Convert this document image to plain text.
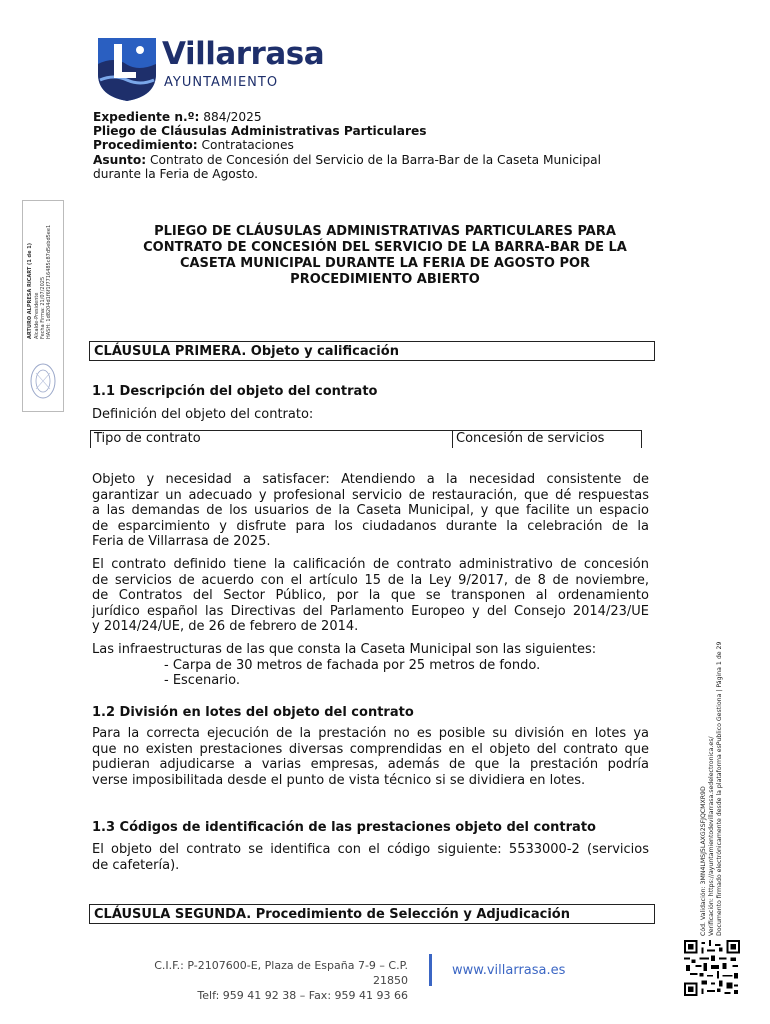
Villarrasa
AYUNTAMIENTO
Expediente n.º: 884/2025
Pliego de Cláusulas Administrativas Particulares
Procedimiento: Contrataciones
Asunto: Contrato de Concesión del Servicio de la Barra-Bar de la Caseta Municipal
durante la Feria de Agosto.
PLIEGO DE CLÁUSULAS ADMINISTRATIVAS PARTICULARES PARA
CONTRATO DE CONCESIÓN DEL SERVICIO DE LA BARRA-BAR DE LA
CASETA MUNICIPAL DURANTE LA FERIA DE AGOSTO POR
PROCEDIMIENTO ABIERTO
CLÁUSULA PRIMERA. Objeto y calificación
1.1 Descripción del objeto del contrato
Definición del objeto del contrato:
Tipo de contrato	Concesión de servicios
Objeto y necesidad a satisfacer: Atendiendo a la necesidad consistente de
garantizar un adecuado y profesional servicio de restauración, que dé respuestas
a las demandas de los usuarios de la Caseta Municipal, y que facilite un espacio
de esparcimiento y disfrute para los ciudadanos durante la celebración de la
Feria de Villarrasa de 2025.
El contrato definido tiene la calificación de contrato administrativo de concesión
de servicios de acuerdo con el artículo 15 de la Ley 9/2017, de 8 de noviembre,
de Contratos del Sector Público, por la que se transponen al ordenamiento
jurídico español las Directivas del Parlamento Europeo y del Consejo 2014/23/UE
y 2014/24/UE, de 26 de febrero de 2014.
Las infraestructuras de las que consta la Caseta Municipal son las siguientes:
- Carpa de 30 metros de fachada por 25 metros de fondo.
- Escenario.
1.2 División en lotes del objeto del contrato
Para la correcta ejecución de la prestación no es posible su división en lotes ya
que no existen prestaciones diversas comprendidas en el objeto del contrato que
pudieran adjudicarse a varias empresas, además de que la prestación podría
verse imposibilitada desde el punto de vista técnico si se dividiera en lotes.
1.3 Códigos de identificación de las prestaciones objeto del contrato
El objeto del contrato se identifica con el código siguiente: 5533000-2 (servicios
de cafetería).
CLÁUSULA SEGUNDA. Procedimiento de Selección y Adjudicación
ARTURO ALPRESA RICART (1 de 1) Alcalde-Presidente Fecha Firma: 21/07/2025 HASH: 1d8204d1f6f1f7716485c87d5ebd5ee1
Cód. Validación: 3MN4LMSJ5LAXG2SFJQCMXR9D Verificación: https://ayuntamientodevillarrasa.sedelectronica.es/ Documento firmado electrónicamente desde la plataforma esPublico Gestiona | Página 1 de 29
C.I.F.: P-2107600-E, Plaza de España 7-9 – C.P. 21850
Telf: 959 41 92 38 – Fax: 959 41 93 66
www.villarrasa.es
